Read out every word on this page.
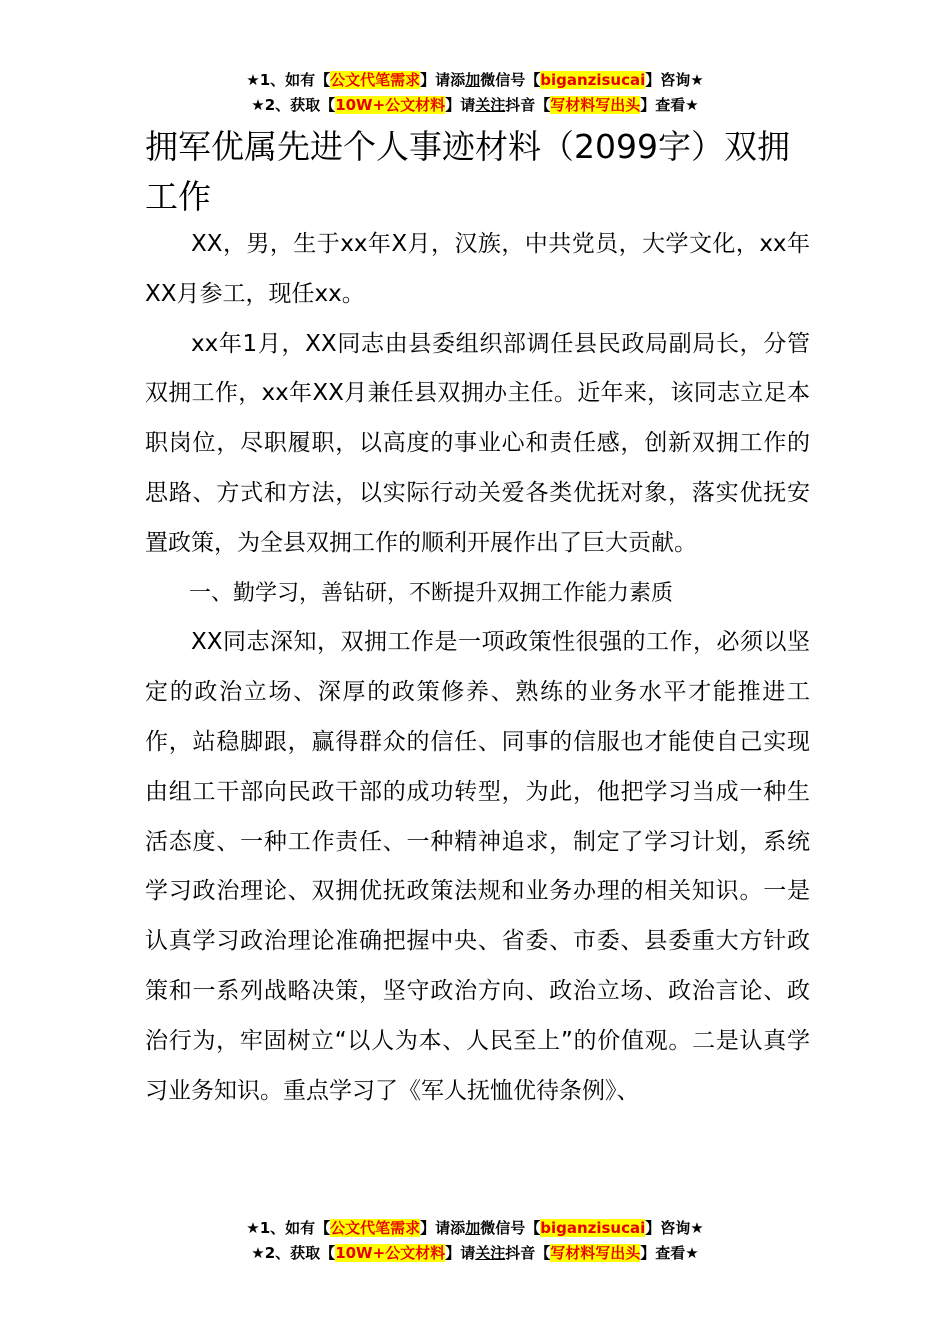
★1、如有【公文代笔需求】请添加微信号【biganzisucai】咨询★
★2、获取【10W+公文材料】请关注抖音【写材料写出头】查看★
拥军优属先进个人事迹材料（2099字）双拥工作

XX，男，生于xx年X月，汉族，中共党员，大学文化，xx年XX月参工，现任xx。

xx年1月，XX同志由县委组织部调任县民政局副局长，分管双拥工作，xx年XX月兼任县双拥办主任。近年来，该同志立足本职岗位，尽职履职，以高度的事业心和责任感，创新双拥工作的思路、方式和方法，以实际行动关爱各类优抚对象，落实优抚安置政策，为全县双拥工作的顺利开展作出了巨大贡献。

一、勤学习，善钻研，不断提升双拥工作能力素质

XX同志深知，双拥工作是一项政策性很强的工作，必须以坚定的政治立场、深厚的政策修养、熟练的业务水平才能推进工作，站稳脚跟，赢得群众的信任、同事的信服也才能使自己实现由组工干部向民政干部的成功转型，为此，他把学习当成一种生活态度、一种工作责任、一种精神追求，制定了学习计划，系统学习政治理论、双拥优抚政策法规和业务办理的相关知识。一是认真学习政治理论准确把握中央、省委、市委、县委重大方针政策和一系列战略决策，坚守政治方向、政治立场、政治言论、政治行为，牢固树立“以人为本、人民至上”的价值观。二是认真学习业务知识。重点学习了《军人抚恤优待条例》、

★1、如有【公文代笔需求】请添加微信号【biganzisucai】咨询★
★2、获取【10W+公文材料】请关注抖音【写材料写出头】查看★
